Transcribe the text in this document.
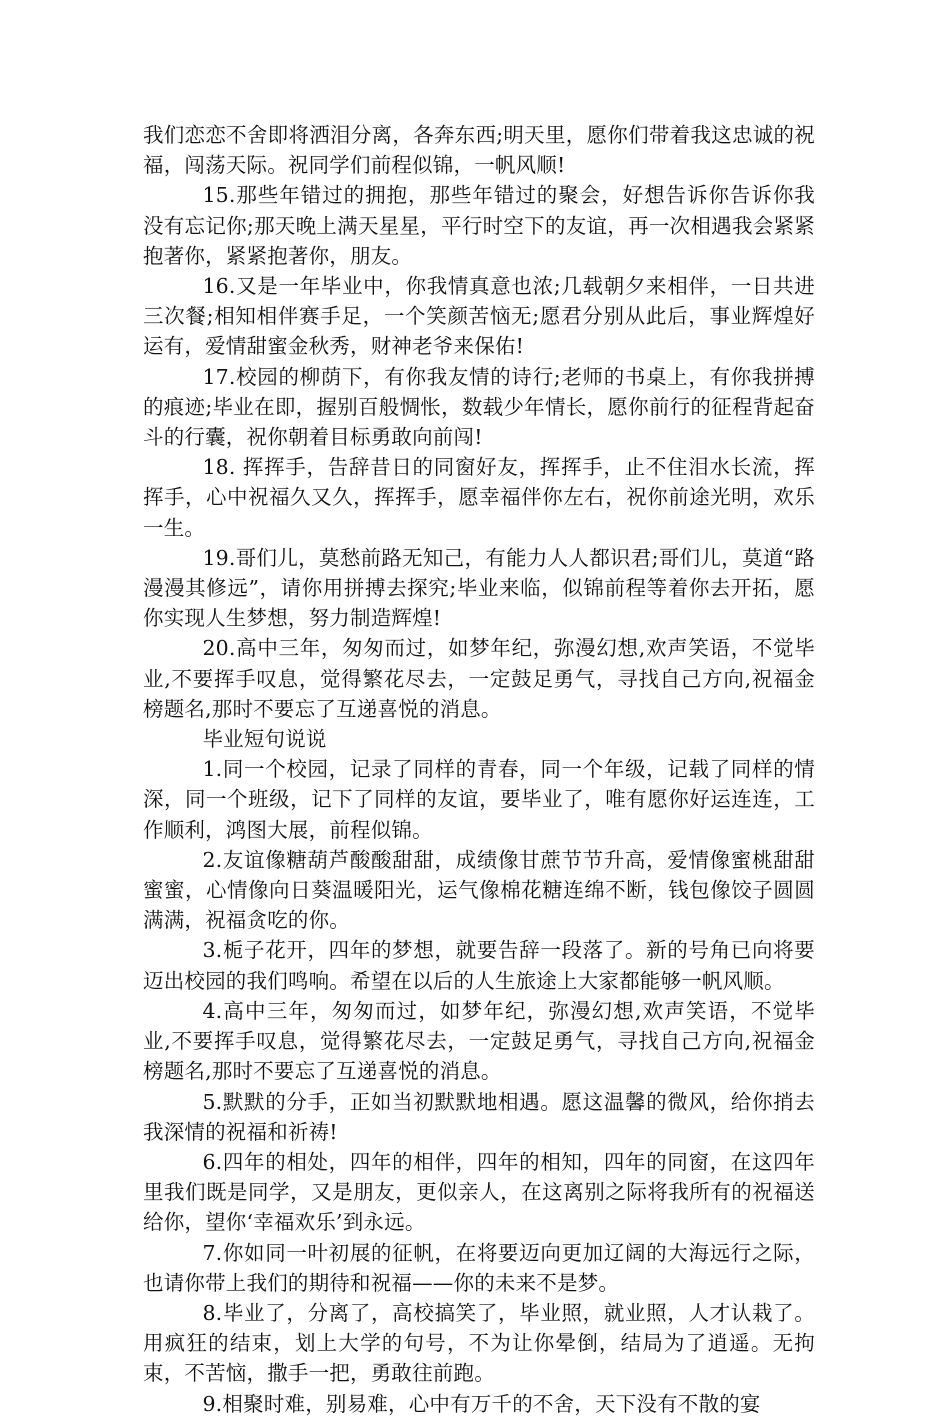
我们恋恋不舍即将洒泪分离，各奔东西;明天里，愿你们带着我这忠诚的祝福，闯荡天际。祝同学们前程似锦，一帆风顺!

15.那些年错过的拥抱，那些年错过的聚会，好想告诉你告诉你我没有忘记你;那天晚上满天星星，平行时空下的友谊，再一次相遇我会紧紧抱著你，紧紧抱著你，朋友。

16.又是一年毕业中，你我情真意也浓;几载朝夕来相伴，一日共进三次餐;相知相伴赛手足，一个笑颜苦恼无;愿君分别从此后，事业辉煌好运有，爱情甜蜜金秋秀，财神老爷来保佑!

17.校园的柳荫下，有你我友情的诗行;老师的书桌上，有你我拼搏的痕迹;毕业在即，握别百般惆怅，数载少年情长，愿你前行的征程背起奋斗的行囊，祝你朝着目标勇敢向前闯!

18. 挥挥手，告辞昔日的同窗好友，挥挥手，止不住泪水长流，挥挥手，心中祝福久又久，挥挥手，愿幸福伴你左右，祝你前途光明，欢乐一生。

19.哥们儿，莫愁前路无知己，有能力人人都识君;哥们儿，莫道“路漫漫其修远”，请你用拼搏去探究;毕业来临，似锦前程等着你去开拓，愿你实现人生梦想，努力制造辉煌!

20.高中三年，匆匆而过，如梦年纪，弥漫幻想,欢声笑语，不觉毕业,不要挥手叹息，觉得繁花尽去，一定鼓足勇气，寻找自己方向,祝福金榜题名,那时不要忘了互递喜悦的消息。

毕业短句说说

1.同一个校园，记录了同样的青春，同一个年级，记载了同样的情深，同一个班级，记下了同样的友谊，要毕业了，唯有愿你好运连连，工作顺利，鸿图大展，前程似锦。

2.友谊像糖葫芦酸酸甜甜，成绩像甘蔗节节升高，爱情像蜜桃甜甜蜜蜜，心情像向日葵温暖阳光，运气像棉花糖连绵不断，钱包像饺子圆圆满满，祝福贪吃的你。

3.栀子花开，四年的梦想，就要告辞一段落了。新的号角已向将要迈出校园的我们鸣响。希望在以后的人生旅途上大家都能够一帆风顺。

4.高中三年，匆匆而过，如梦年纪，弥漫幻想,欢声笑语，不觉毕业,不要挥手叹息，觉得繁花尽去，一定鼓足勇气，寻找自己方向,祝福金榜题名,那时不要忘了互递喜悦的消息。

5.默默的分手，正如当初默默地相遇。愿这温馨的微风，给你捎去我深情的祝福和祈祷!

6.四年的相处，四年的相伴，四年的相知，四年的同窗，在这四年里我们既是同学，又是朋友，更似亲人，在这离别之际将我所有的祝福送给你，望你‘幸福欢乐’到永远。

7.你如同一叶初展的征帆，在将要迈向更加辽阔的大海远行之际，也请你带上我们的期待和祝福——你的未来不是梦。

8.毕业了，分离了，高校搞笑了，毕业照，就业照，人才认栽了。用疯狂的结束，划上大学的句号，不为让你晕倒，结局为了逍遥。无拘束，不苦恼，撒手一把，勇敢往前跑。

9.相聚时难，别易难，心中有万千的不舍，天下没有不散的宴
